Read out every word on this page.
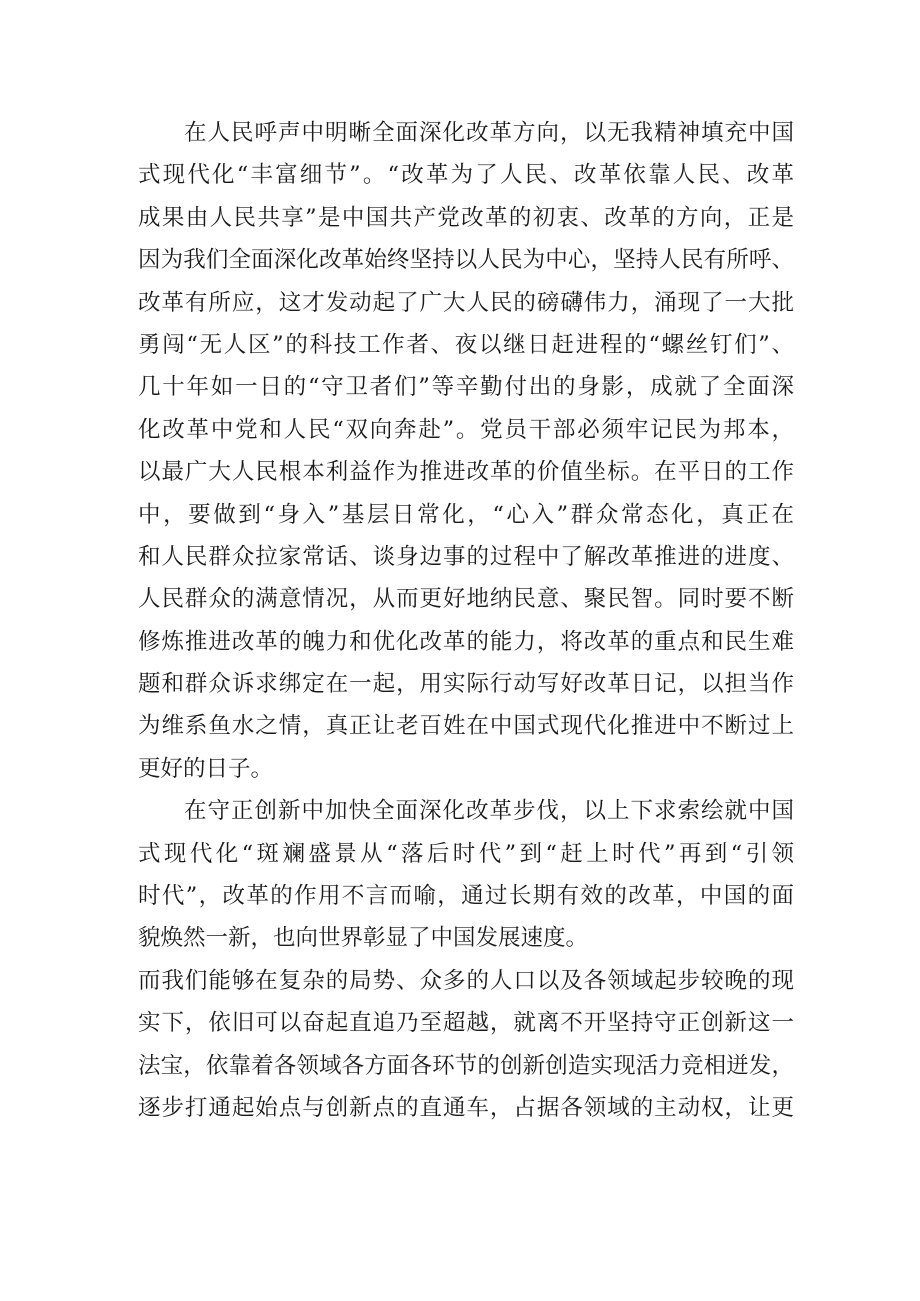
在人民呼声中明晰全面深化改革方向，以无我精神填充中国
式现代化“丰富细节”。“改革为了人民、改革依靠人民、改革
成果由人民共享”是中国共产党改革的初衷、改革的方向，正是
因为我们全面深化改革始终坚持以人民为中心，坚持人民有所呼、
改革有所应，这才发动起了广大人民的磅礴伟力，涌现了一大批
勇闯“无人区”的科技工作者、夜以继日赶进程的“螺丝钉们”、
几十年如一日的“守卫者们”等辛勤付出的身影，成就了全面深
化改革中党和人民“双向奔赴”。党员干部必须牢记民为邦本，
以最广大人民根本利益作为推进改革的价值坐标。在平日的工作
中，要做到“身入”基层日常化，“心入”群众常态化，真正在
和人民群众拉家常话、谈身边事的过程中了解改革推进的进度、
人民群众的满意情况，从而更好地纳民意、聚民智。同时要不断
修炼推进改革的魄力和优化改革的能力，将改革的重点和民生难
题和群众诉求绑定在一起，用实际行动写好改革日记，以担当作
为维系鱼水之情，真正让老百姓在中国式现代化推进中不断过上
更好的日子。
在守正创新中加快全面深化改革步伐，以上下求索绘就中国
式现代化“斑斓盛景从“落后时代”到“赶上时代”再到“引领
时代”，改革的作用不言而喻，通过长期有效的改革，中国的面
貌焕然一新，也向世界彰显了中国发展速度。
而我们能够在复杂的局势、众多的人口以及各领域起步较晚的现
实下，依旧可以奋起直追乃至超越，就离不开坚持守正创新这一
法宝，依靠着各领域各方面各环节的创新创造实现活力竞相迸发，
逐步打通起始点与创新点的直通车，占据各领域的主动权，让更
